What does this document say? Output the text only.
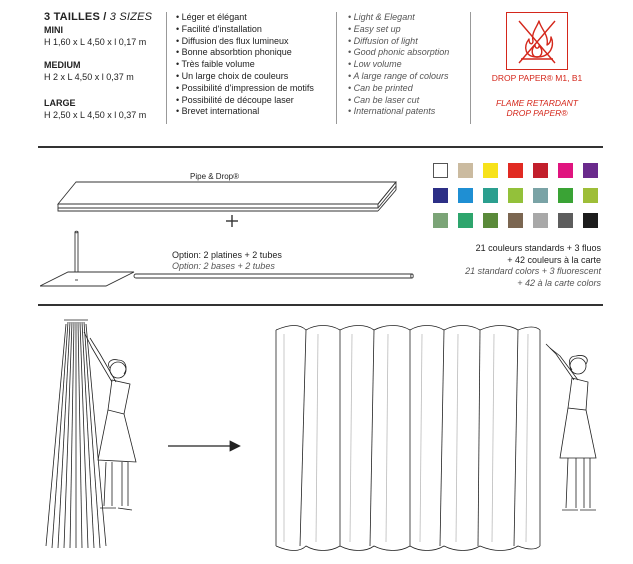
3 TAILLES / 3 SIZES
MINI
H 1,60 x L 4,50 x l 0,17 m
MEDIUM
H 2 x L 4,50 x l 0,37 m
LARGE
H 2,50 x L 4,50 x l 0,37 m
• Léger et élégant
• Facilité d'installation
• Diffusion des flux lumineux
• Bonne absorbtion phonique
• Très faible volume
• Un large choix de couleurs
• Possibilité d'impression de motifs
• Possibilité de découpe laser
• Brevet international
• Light & Elegant
• Easy set up
• Diffusion of light
• Good phonic absorption
• Low volume
• A large range of colours
• Can be printed
• Can be laser cut
• International patents
DROP PAPER® M1, B1
FLAME RETARDANT
DROP PAPER®
Pipe & Drop®
Option: 2 platines + 2 tubes
Option: 2 bases + 2 tubes
21 couleurs standards + 3 fluos
+ 42 couleurs à la carte
21 standard colors + 3 fluorescent
+ 42 à la carte colors
